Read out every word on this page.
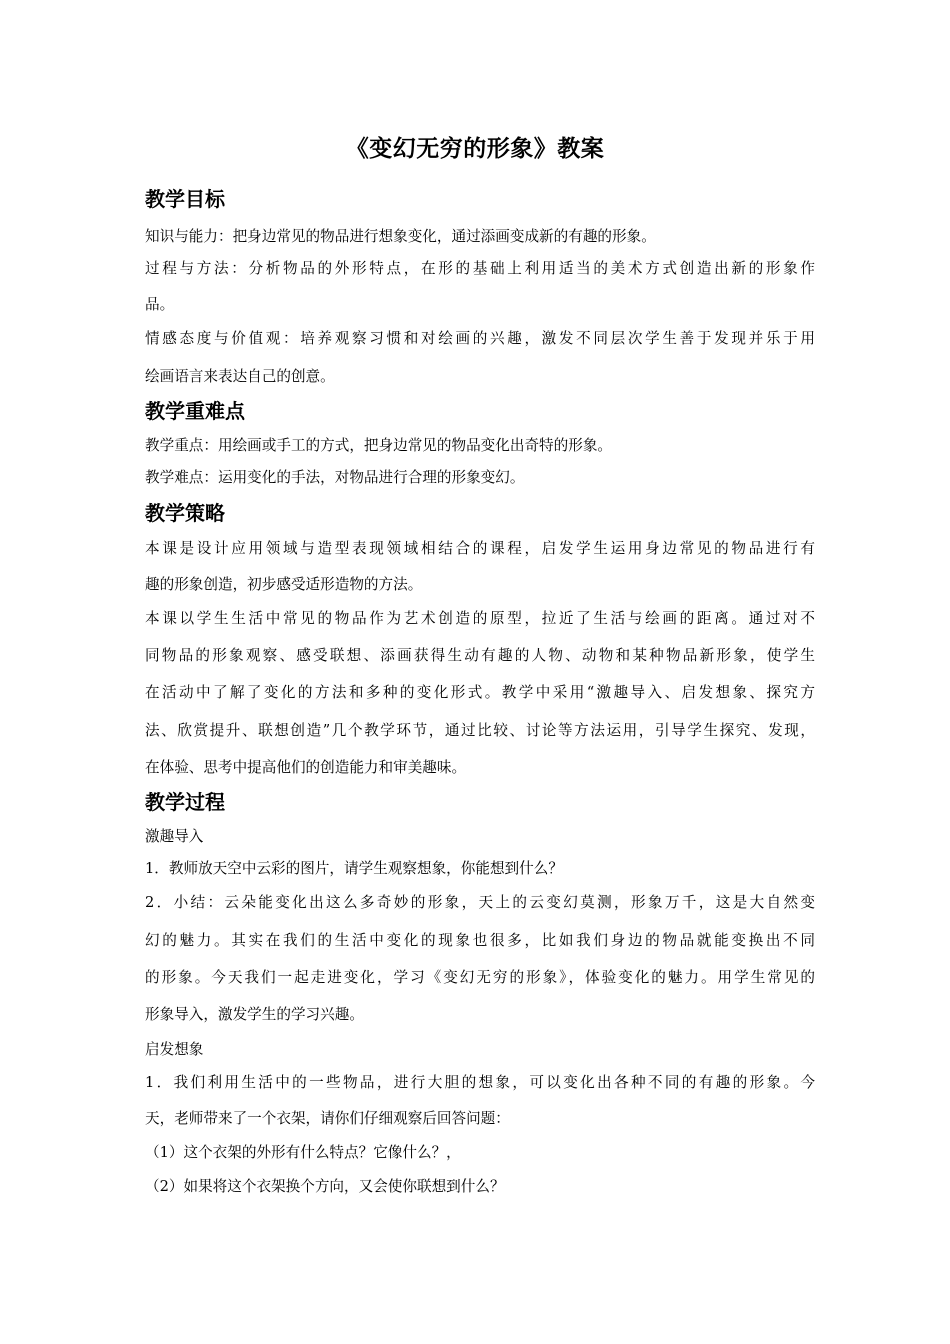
《变幻无穷的形象》教案
教学目标
知识与能力：把身边常见的物品进行想象变化，通过添画变成新的有趣的形象。
过程与方法：分析物品的外形特点，在形的基础上利用适当的美术方式创造出新的形象作
品。
情感态度与价值观：培养观察习惯和对绘画的兴趣，激发不同层次学生善于发现并乐于用
绘画语言来表达自己的创意。
教学重难点
教学重点：用绘画或手工的方式，把身边常见的物品变化出奇特的形象。
教学难点：运用变化的手法，对物品进行合理的形象变幻。
教学策略
本课是设计应用领域与造型表现领域相结合的课程，启发学生运用身边常见的物品进行有
趣的形象创造，初步感受适形造物的方法。
本课以学生生活中常见的物品作为艺术创造的原型，拉近了生活与绘画的距离。通过对不
同物品的形象观察、感受联想、添画获得生动有趣的人物、动物和某种物品新形象，使学生
在活动中了解了变化的方法和多种的变化形式。教学中采用“激趣导入、启发想象、探究方
法、欣赏提升、联想创造”几个教学环节，通过比较、讨论等方法运用，引导学生探究、发现，
在体验、思考中提高他们的创造能力和审美趣味。
教学过程
激趣导入
1．教师放天空中云彩的图片，请学生观察想象，你能想到什么？
2．小结：云朵能变化出这么多奇妙的形象，天上的云变幻莫测，形象万千，这是大自然变
幻的魅力。其实在我们的生活中变化的现象也很多，比如我们身边的物品就能变换出不同
的形象。今天我们一起走进变化，学习《变幻无穷的形象》，体验变化的魅力。用学生常见的
形象导入，激发学生的学习兴趣。
启发想象
1．我们利用生活中的一些物品，进行大胆的想象，可以变化出各种不同的有趣的形象。今
天，老师带来了一个衣架，请你们仔细观察后回答问题：
（1）这个衣架的外形有什么特点？它像什么？，
（2）如果将这个衣架换个方向，又会使你联想到什么？
